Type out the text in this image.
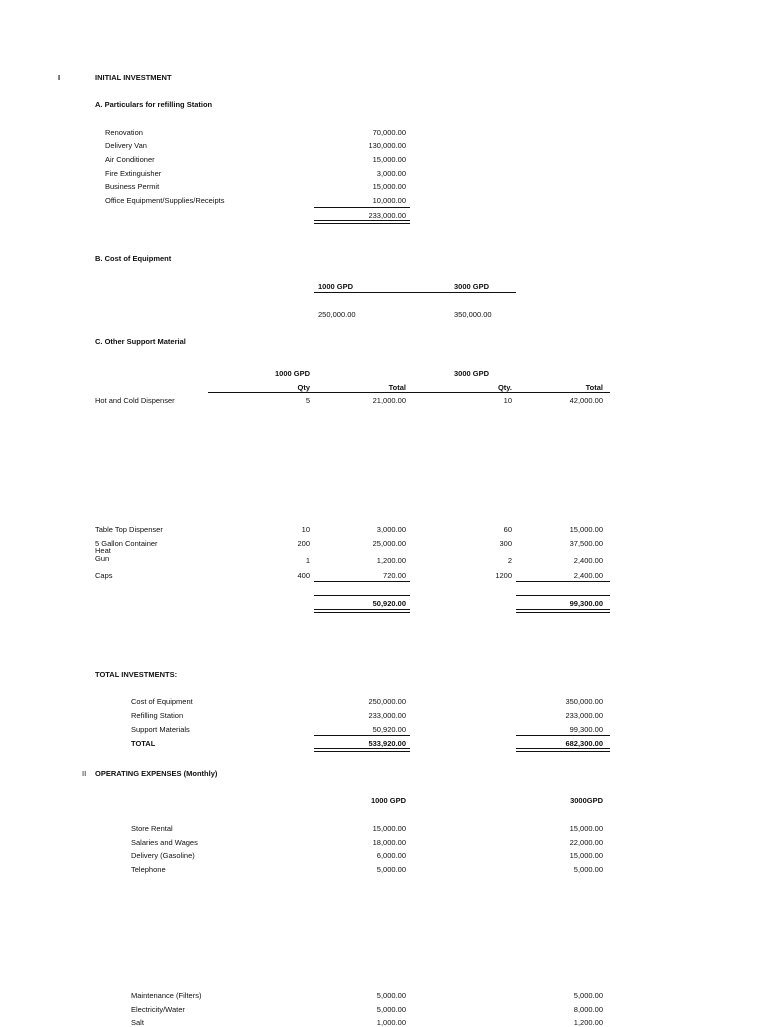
I	INITIAL INVESTMENT
A. Particulars for refilling Station
Renovation	70,000.00
Delivery Van	130,000.00
Air Conditioner	15,000.00
Fire Extinguisher	3,000.00
Business Permit	15,000.00
Office Equipment/Supplies/Receipts	10,000.00
233,000.00
B. Cost of Equipment
1000 GPD	3000 GPD
250,000.00	350,000.00
C. Other Support Material
1000 GPD	3000 GPD
Qty	Total	Qty.	Total
Hot and Cold Dispenser	5	21,000.00	10	42,000.00
Table Top Dispenser	10	3,000.00	60	15,000.00
5 Gallon Container	200	25,000.00	300	37,500.00
Heat
Gun	1	1,200.00	2	2,400.00
Caps	400	720.00	1200	2,400.00
50,920.00	99,300.00
TOTAL INVESTMENTS:
Cost of Equipment	250,000.00	350,000.00
Refilling Station	233,000.00	233,000.00
Support Materials	50,920.00	99,300.00
TOTAL	533,920.00	682,300.00
II OPERATING EXPENSES (Monthly)
1000 GPD	3000GPD
Store Rental	15,000.00	15,000.00
Salaries and Wages	18,000.00	22,000.00
Delivery (Gasoline)	6,000.00	15,000.00
Telephone	5,000.00	5,000.00
Maintenance (Filters)	5,000.00	5,000.00
Electricity/Water	5,000.00	8,000.00
Salt	1,000.00	1,200.00
